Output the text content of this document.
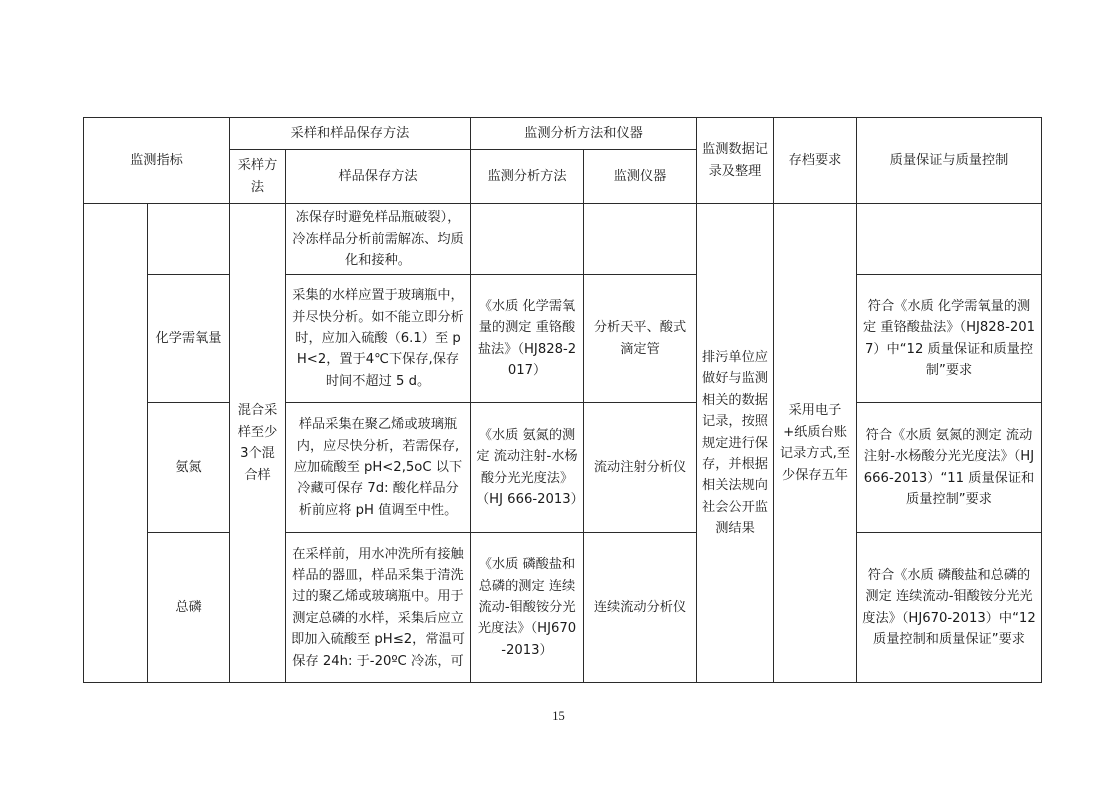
监测指标		采样和样品保存方法		监测分析方法和仪器		监测数据记录及整理	存档要求	质量保证与质量控制
		采样方法	样品保存方法	监测分析方法	监测仪器			
		混合采样至少3个混合样	冻保存时避免样品瓶破裂），冷冻样品分析前需解冻、均质化和接种。			排污单位应做好与监测相关的数据记录，按照规定进行保存，并根据相关法规向社会公开监测结果	采用电子+纸质台账记录方式,至少保存五年	
	化学需氧量		采集的水样应置于玻璃瓶中，并尽快分析。如不能立即分析时，应加入硫酸（6.1）至 pH<2，置于4℃下保存,保存时间不超过 5 d。	《水质 化学需氧量的测定 重铬酸盐法》（HJ828-2017）	分析天平、酸式滴定管			符合《水质 化学需氧量的测定 重铬酸盐法》（HJ828-2017）中“12 质量保证和质量控制”要求
	氨氮		样品采集在聚乙烯或玻璃瓶内，应尽快分析，若需保存,应加硫酸至 pH<2,5oC 以下冷藏可保存 7d: 酸化样品分析前应将 pH 值调至中性。	《水质 氨氮的测定 流动注射-水杨酸分光光度法》（HJ 666-2013）	流动注射分析仪			符合《水质 氨氮的测定 流动注射-水杨酸分光光度法》（HJ 666-2013）“11 质量保证和质量控制”要求
	总磷		在采样前，用水冲洗所有接触样品的器皿，样品采集于清洗过的聚乙烯或玻璃瓶中。用于测定总磷的水样，采集后应立即加入硫酸至 pH≤2，常温可保存 24h: 于-20ºC 冷冻，可	《水质 磷酸盐和总磷的测定 连续流动-钼酸铵分光光度法》（HJ670-2013）	连续流动分析仪			符合《水质 磷酸盐和总磷的测定 连续流动-钼酸铵分光光度法》（HJ670-2013）中“12 质量控制和质量保证”要求
15
